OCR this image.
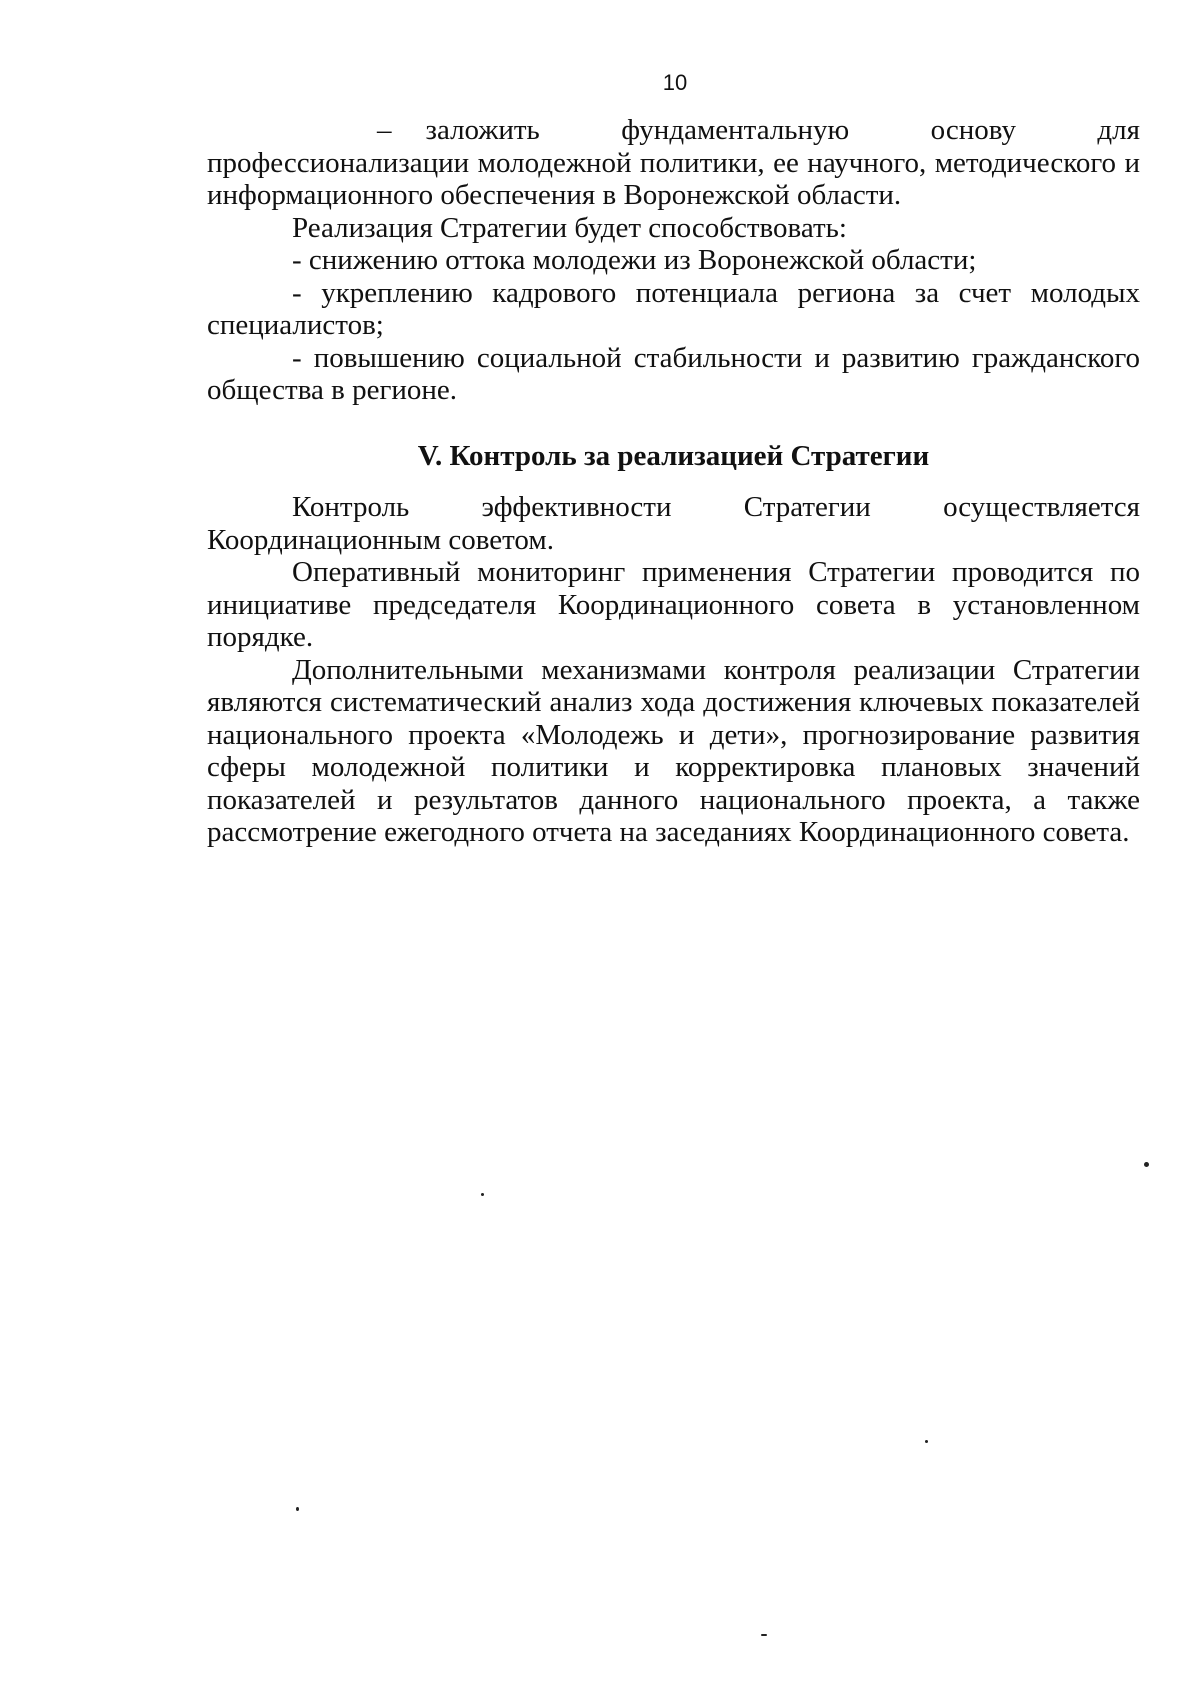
10

– заложить фундаментальную основу для профессионализации молодежной политики, ее научного, методического и информационного обеспечения в Воронежской области.

Реализация Стратегии будет способствовать:

- снижению оттока молодежи из Воронежской области;

- укреплению кадрового потенциала региона за счет молодых специалистов;

- повышению социальной стабильности и развитию гражданского общества в регионе.

V. Контроль за реализацией Стратегии

Контроль эффективности Стратегии осуществляется Координационным советом.

Оперативный мониторинг применения Стратегии проводится по инициативе председателя Координационного совета в установленном порядке.

Дополнительными механизмами контроля реализации Стратегии являются систематический анализ хода достижения ключевых показателей национального проекта «Молодежь и дети», прогнозирование развития сферы молодежной политики и корректировка плановых значений показателей и результатов данного национального проекта, а также рассмотрение ежегодного отчета на заседаниях Координационного совета.
